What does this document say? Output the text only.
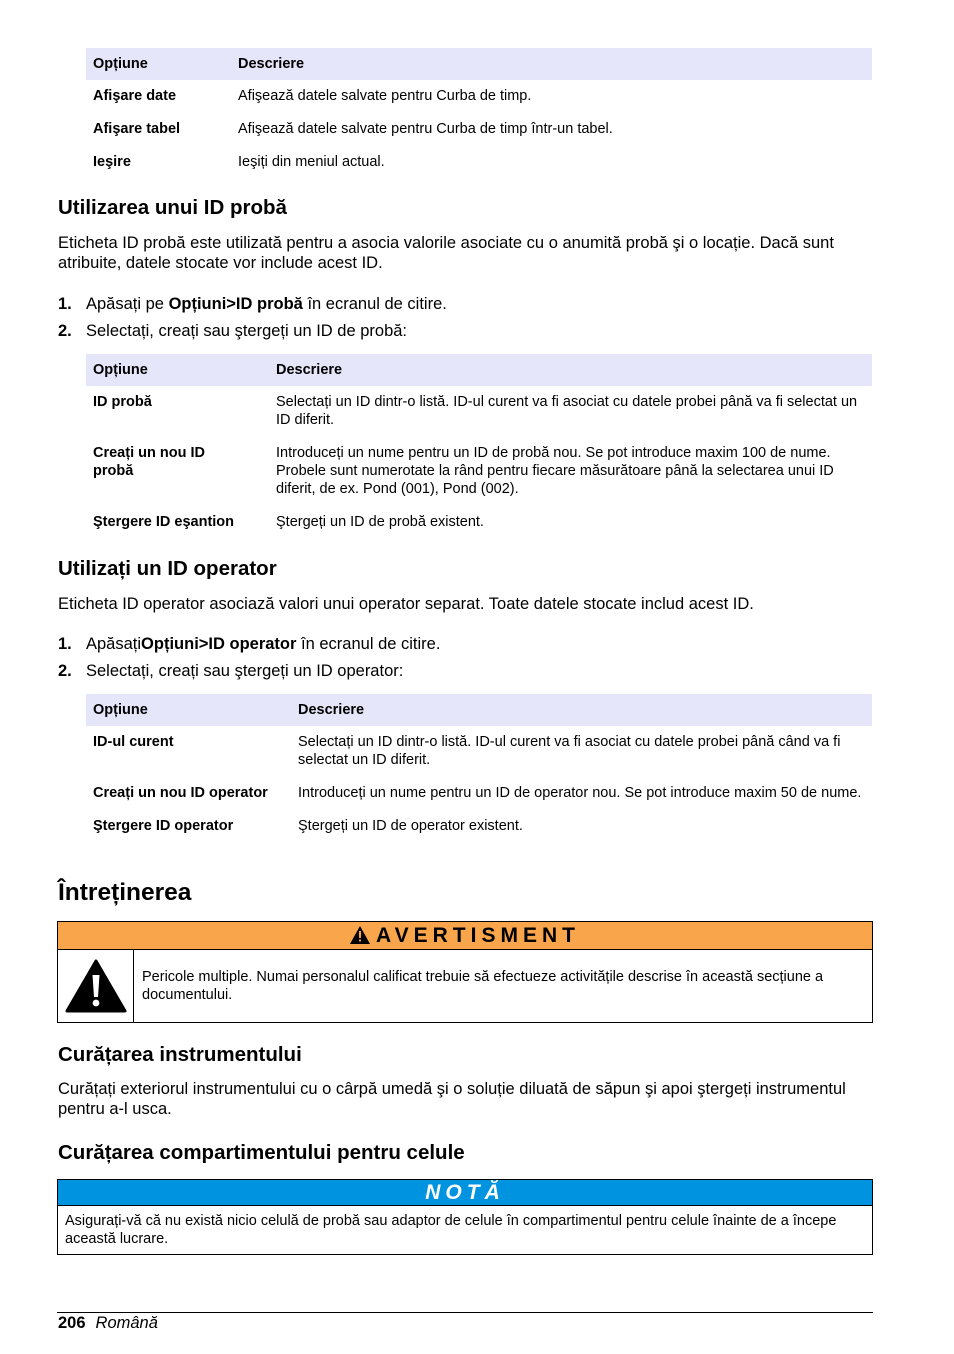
Opțiune	Descriere
Afişare date	Afişează datele salvate pentru Curba de timp.
Afişare tabel	Afişează datele salvate pentru Curba de timp într-un tabel.
Ieşire	Ieşiți din meniul actual.
Utilizarea unui ID probă
Eticheta ID probă este utilizată pentru a asocia valorile asociate cu o anumită probă şi o locație. Dacă sunt atribuite, datele stocate vor include acest ID.
1. Apăsați pe Opțiuni>ID probă în ecranul de citire.
2. Selectați, creați sau ştergeți un ID de probă:
Opțiune	Descriere
ID probă	Selectați un ID dintr-o listă. ID-ul curent va fi asociat cu datele probei până va fi selectat un ID diferit.
Creați un nou ID probă	Introduceți un nume pentru un ID de probă nou. Se pot introduce maxim 100 de nume. Probele sunt numerotate la rând pentru fiecare măsurătoare până la selectarea unui ID diferit, de ex. Pond (001), Pond (002).
Ştergere ID eşantion	Ştergeți un ID de probă existent.
Utilizați un ID operator
Eticheta ID operator asociază valori unui operator separat. Toate datele stocate includ acest ID.
1. ApăsațiOpțiuni>ID operator în ecranul de citire.
2. Selectați, creați sau ştergeți un ID operator:
Opțiune	Descriere
ID-ul curent	Selectați un ID dintr-o listă. ID-ul curent va fi asociat cu datele probei până când va fi selectat un ID diferit.
Creați un nou ID operator	Introduceți un nume pentru un ID de operator nou. Se pot introduce maxim 50 de nume.
Ştergere ID operator	Ştergeți un ID de operator existent.
Întreținerea
AVERTISMENT
Pericole multiple. Numai personalul calificat trebuie să efectueze activitățile descrise în această secțiune a documentului.
Curățarea instrumentului
Curățați exteriorul instrumentului cu o cârpă umedă şi o soluție diluată de săpun şi apoi ştergeți instrumentul pentru a-l usca.
Curățarea compartimentului pentru celule
NOTĂ
Asigurați-vă că nu există nicio celulă de probă sau adaptor de celule în compartimentul pentru celule înainte de a începe această lucrare.
206 Română
